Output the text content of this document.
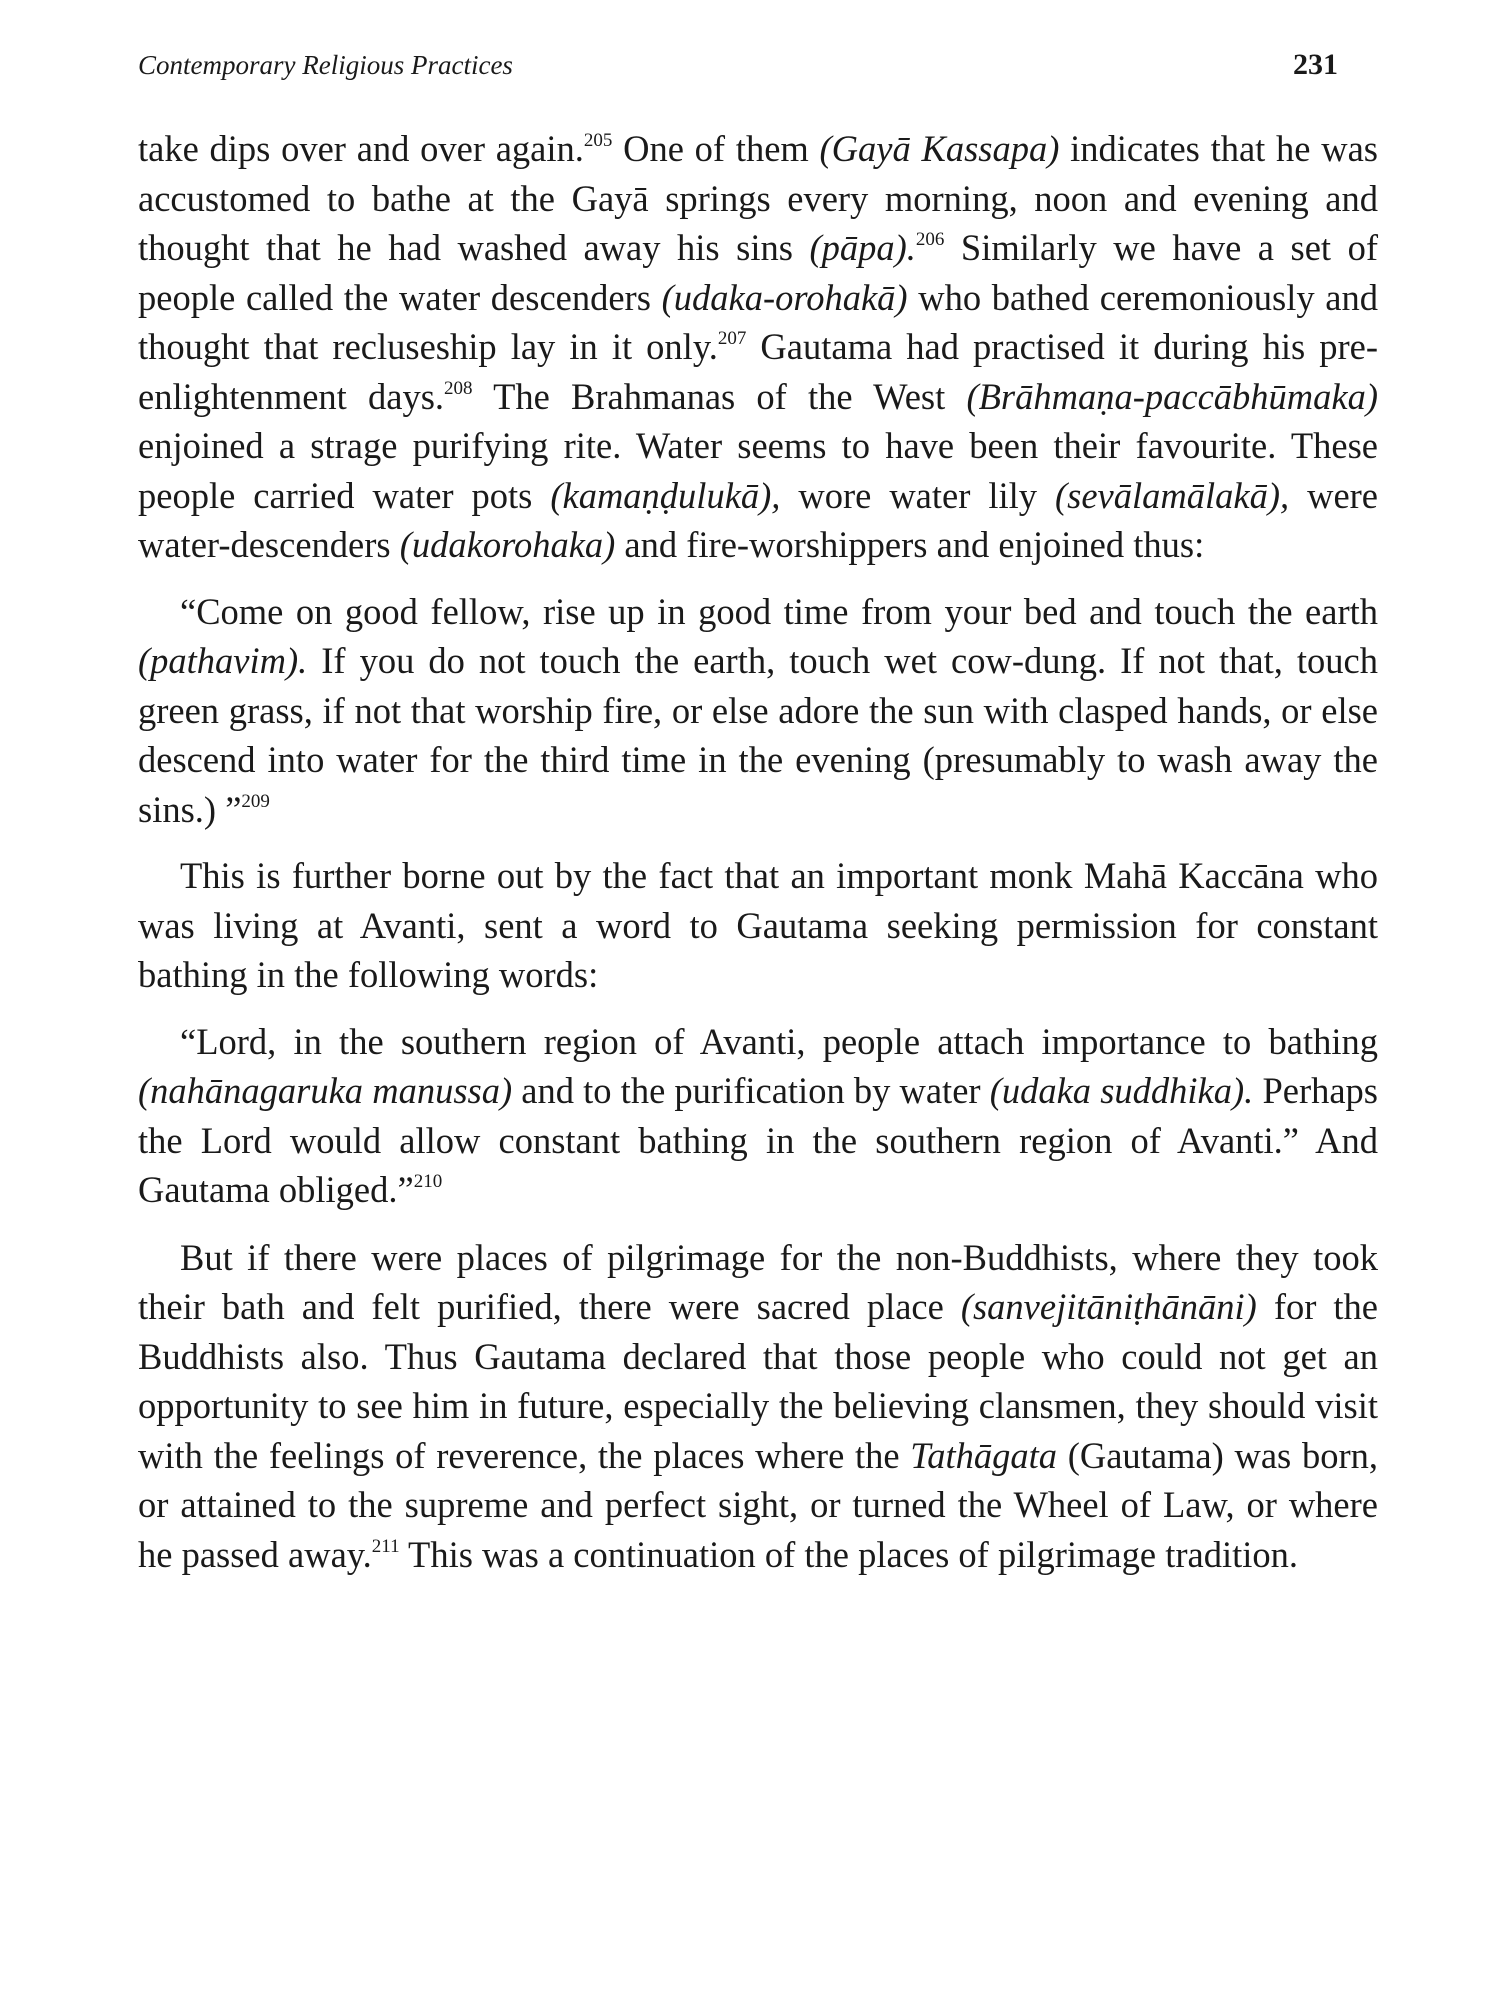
Contemporary Religious Practices	231

take dips over and over again.$^{205}$ One of them (Gayā Kassapa) indicates that he was accustomed to bathe at the Gayā springs every morning, noon and evening and thought that he had washed away his sins (pāpa).$^{206}$ Similarly we have a set of people called the water descenders (udaka-orohakā) who bathed ceremoniously and thought that recluseship lay in it only.$^{207}$ Gautama had practised it during his pre-enlightenment days.$^{208}$ The Brahmanas of the West (Brāhmaṇa-paccābhūmaka) enjoined a strage purifying rite. Water seems to have been their favourite. These people carried water pots (kamaṇḍulukā), wore water lily (sevālamālakā), were water-descenders (udakorohaka) and fire-worshippers and enjoined thus:

“Come on good fellow, rise up in good time from your bed and touch the earth (pathavim). If you do not touch the earth, touch wet cow-dung. If not that, touch green grass, if not that worship fire, or else adore the sun with clasped hands, or else descend into water for the third time in the evening (presumably to wash away the sins.) ”$^{209}$

This is further borne out by the fact that an important monk Mahā Kaccāna who was living at Avanti, sent a word to Gautama seeking permission for constant bathing in the following words:

“Lord, in the southern region of Avanti, people attach importance to bathing (nahānagaruka manussa) and to the purification by water (udaka suddhika). Perhaps the Lord would allow constant bathing in the southern region of Avanti.” And Gautama obliged.”$^{210}$

But if there were places of pilgrimage for the non-Buddhists, where they took their bath and felt purified, there were sacred place (sanvejitāniṭhānāni) for the Buddhists also. Thus Gautama declared that those people who could not get an opportunity to see him in future, especially the believing clansmen, they should visit with the feelings of reverence, the places where the Tathāgata (Gautama) was born, or attained to the supreme and perfect sight, or turned the Wheel of Law, or where he passed away.$^{211}$ This was a continuation of the places of pilgrimage tradition.
